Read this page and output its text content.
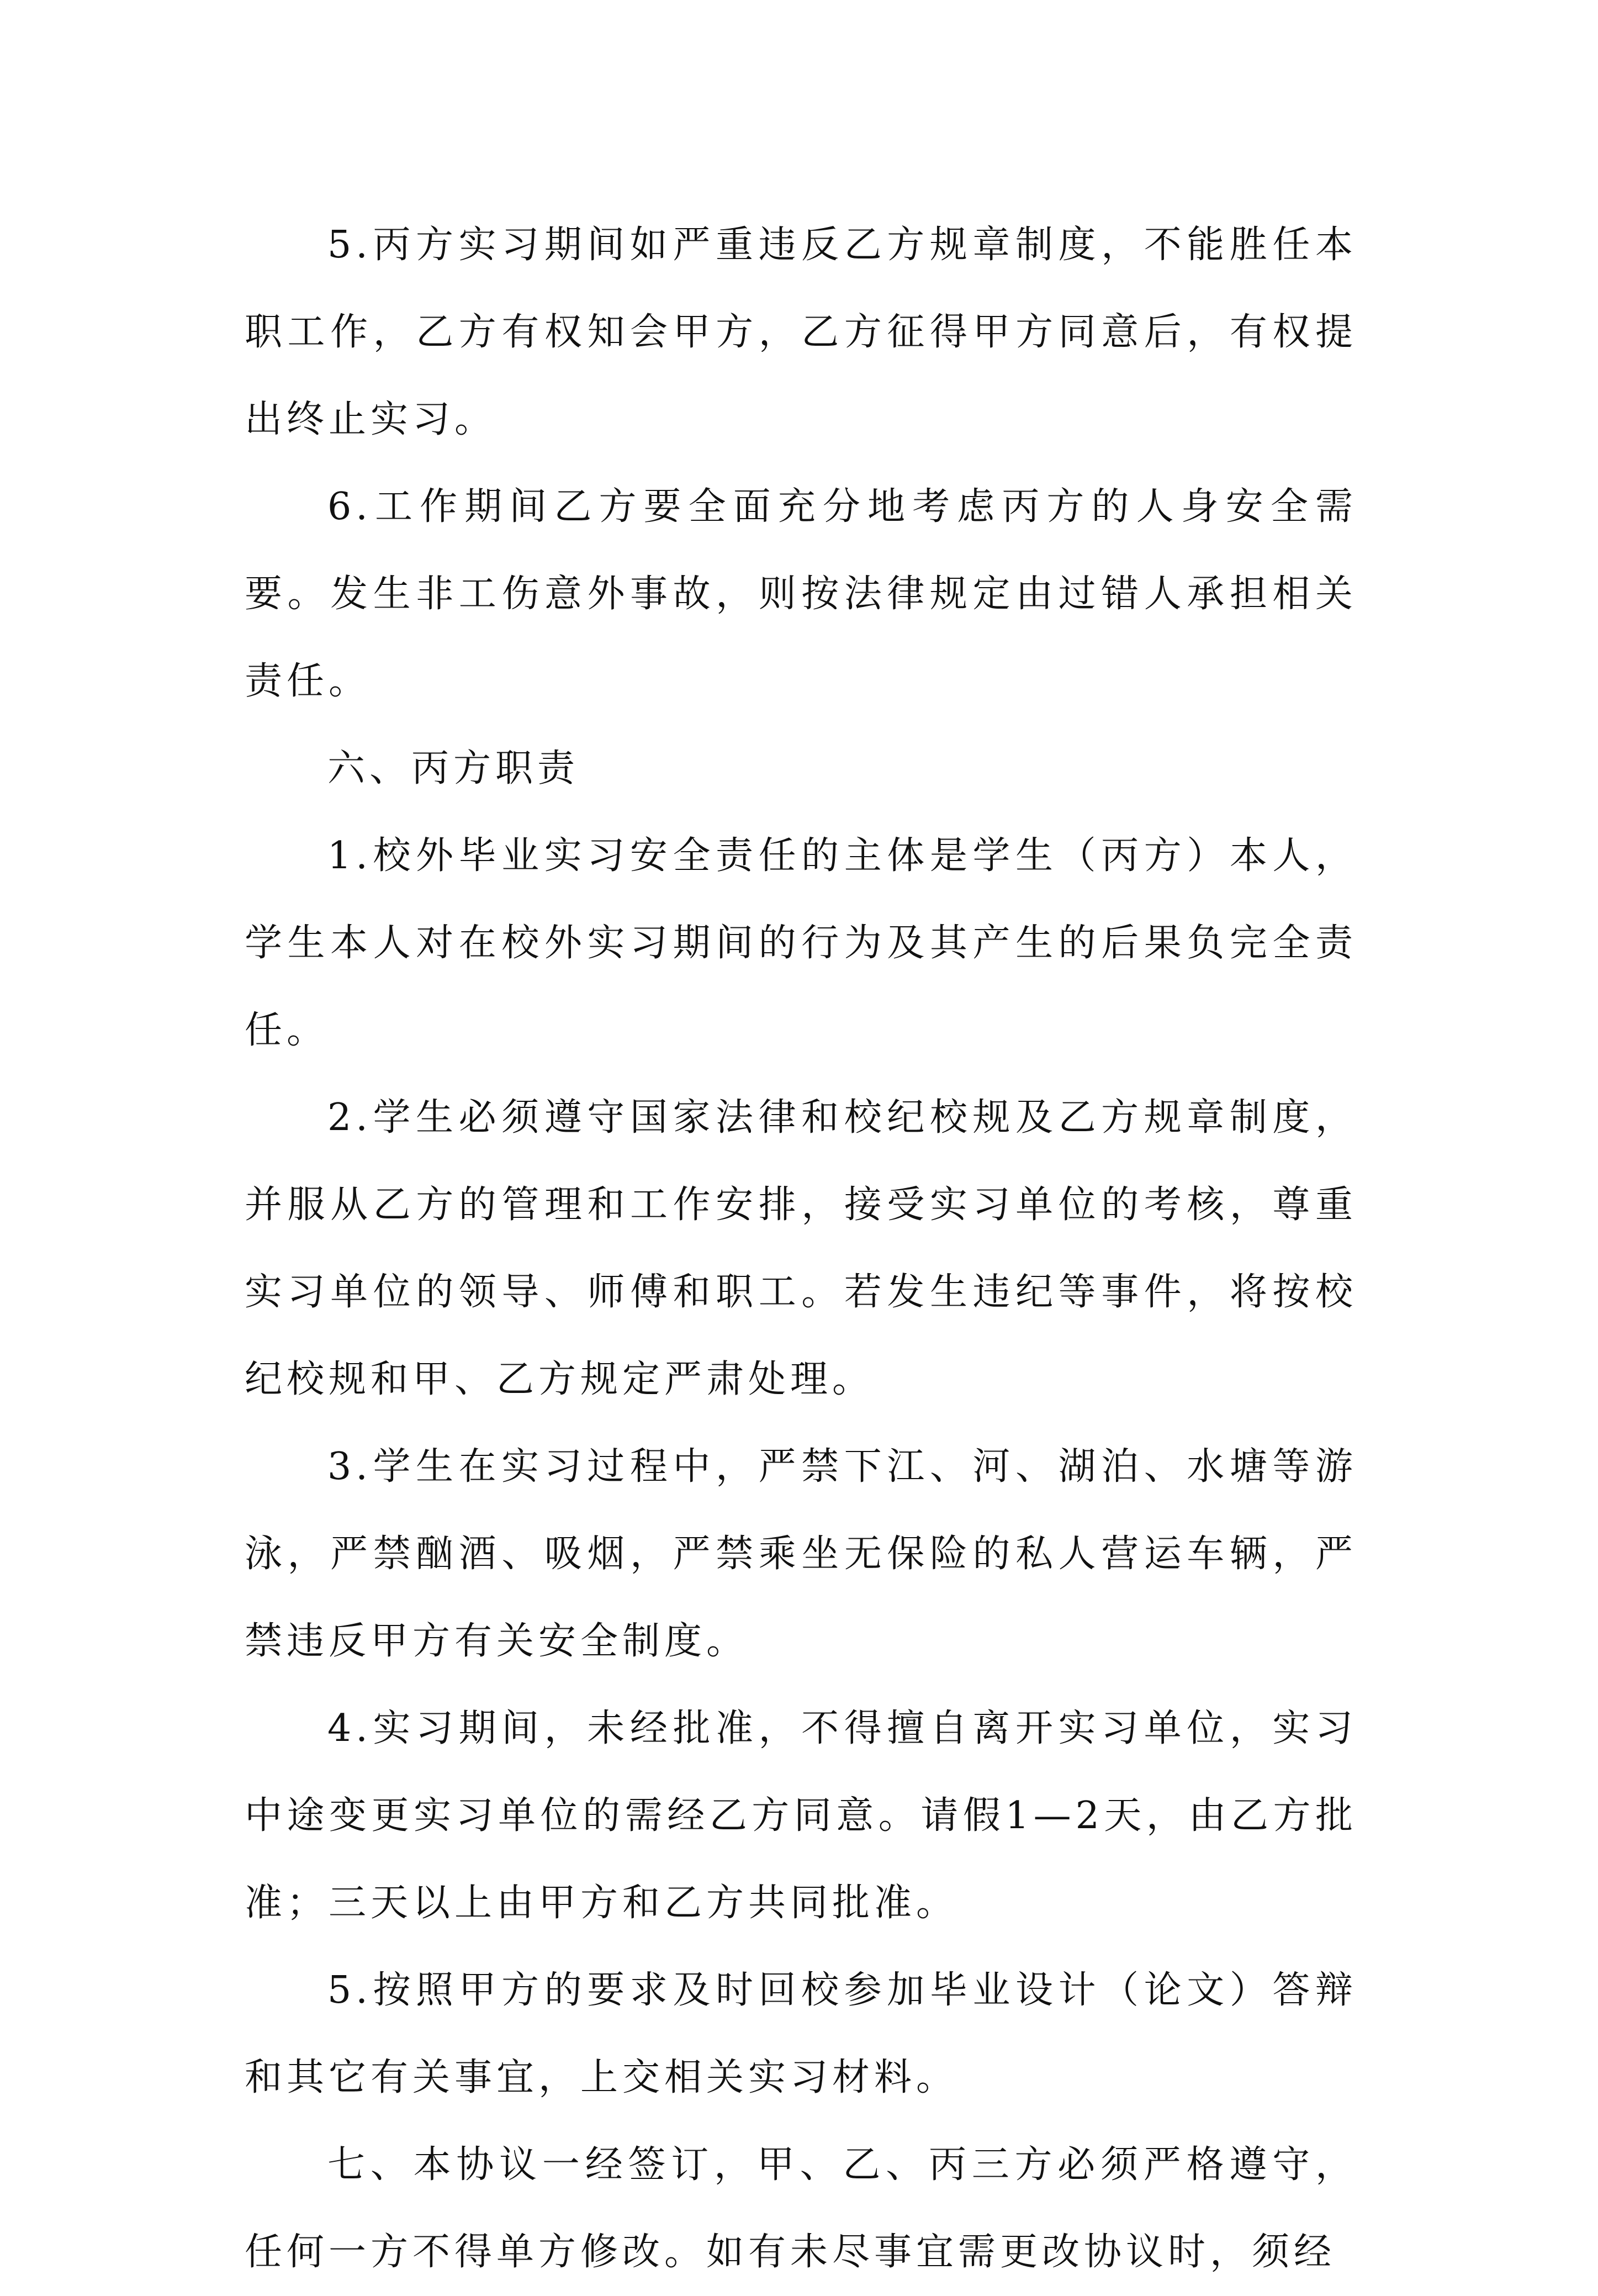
5.丙方实习期间如严重违反乙方规章制度，不能胜任本职工作，乙方有权知会甲方，乙方征得甲方同意后，有权提出终止实习。

6.工作期间乙方要全面充分地考虑丙方的人身安全需要。发生非工伤意外事故，则按法律规定由过错人承担相关责任。

六、丙方职责

1.校外毕业实习安全责任的主体是学生（丙方）本人，学生本人对在校外实习期间的行为及其产生的后果负完全责任。

2.学生必须遵守国家法律和校纪校规及乙方规章制度，并服从乙方的管理和工作安排，接受实习单位的考核，尊重实习单位的领导、师傅和职工。若发生违纪等事件，将按校纪校规和甲、乙方规定严肃处理。

3.学生在实习过程中，严禁下江、河、湖泊、水塘等游泳，严禁酗酒、吸烟，严禁乘坐无保险的私人营运车辆，严禁违反甲方有关安全制度。

4.实习期间，未经批准，不得擅自离开实习单位，实习中途变更实习单位的需经乙方同意。请假1—2天，由乙方批准；三天以上由甲方和乙方共同批准。

5.按照甲方的要求及时回校参加毕业设计（论文）答辩和其它有关事宜，上交相关实习材料。

七、本协议一经签订，甲、乙、丙三方必须严格遵守，任何一方不得单方修改。如有未尽事宜需更改协议时，须经
